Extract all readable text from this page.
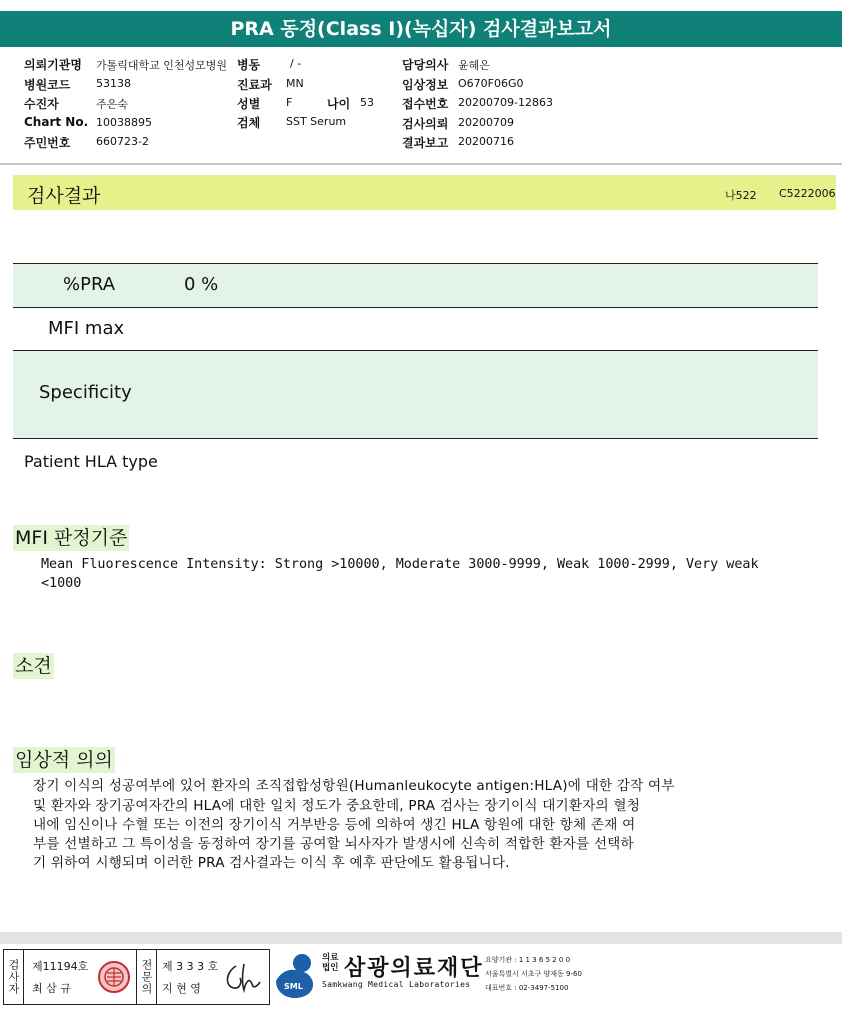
PRA 동정(Class I)(녹십자) 검사결과보고서
의뢰기관명 가톨릭대학교 인천성모병원 병동	/ -	담당의사 윤혜은
병원코드 53138	진료과 MN	임상정보 O670F06G0
수진자	주은숙	성별 F	나이 53 접수번호 20200709-12863
Chart No. 10038895	검체 SST Serum	검사의뢰 20200709
주민번호 660723-2	결과보고 20200716
검사결과	나522 C5222006
%PRA	0 %
MFI max
Specificity
Patient HLA type
MFI 판정기준
Mean Fluorescence Intensity: Strong >10000, Moderate 3000-9999, Weak 1000-2999, Very weak
<1000
소견
임상적 의의
장기 이식의 성공여부에 있어 환자의 조직접합성항원(Humanleukocyte antigen:HLA)에 대한 감작 여부
및 환자와 장기공여자간의 HLA에 대한 일치 정도가 중요한데, PRA 검사는 장기이식 대기환자의 혈청
내에 임신이나 수혈 또는 이전의 장기이식 거부반응 등에 의하여 생긴 HLA 항원에 대한 항체 존재 여
부를 선별하고 그 특이성을 동정하여 장기를 공여할 뇌사자가 발생시에 신속히 적합한 환자를 선택하
기 위하여 시행되며 이러한 PRA 검사결과는 이식 후 예후 판단에도 활용됩니다.
검사자 제11194호
최 삼 규	전문의 제 3 3 3 호
지 현 영	SML
의료법인 삼광의료재단
Samkwang Medical Laboratories
요양기관 : 1 1 3 6 5 2 0 0
서울특별시 서초구 양재동 9-60
대표번호 : 02-3497-5100
